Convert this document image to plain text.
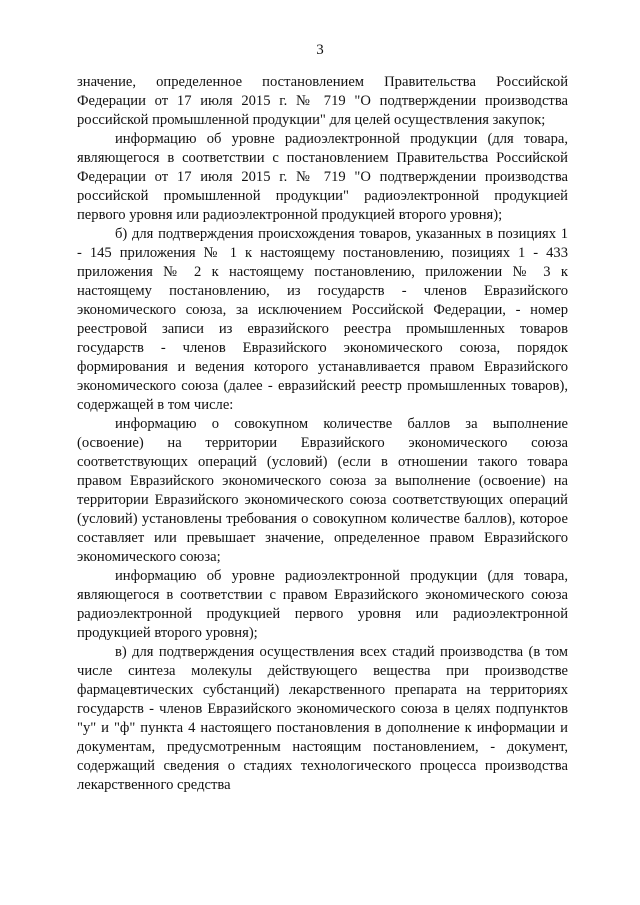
3

значение, определенное постановлением Правительства Российской Федерации от 17 июля 2015 г. № 719 "О подтверждении производства российской промышленной продукции" для целей осуществления закупок;

информацию об уровне радиоэлектронной продукции (для товара, являющегося в соответствии с постановлением Правительства Российской Федерации от 17 июля 2015 г. № 719 "О подтверждении производства российской промышленной продукции" радиоэлектронной продукцией первого уровня или радиоэлектронной продукцией второго уровня);

б) для подтверждения происхождения товаров, указанных в позициях 1 - 145 приложения № 1 к настоящему постановлению, позициях 1 - 433 приложения № 2 к настоящему постановлению, приложении № 3 к настоящему постановлению, из государств - членов Евразийского экономического союза, за исключением Российской Федерации, - номер реестровой записи из евразийского реестра промышленных товаров государств - членов Евразийского экономического союза, порядок формирования и ведения которого устанавливается правом Евразийского экономического союза (далее - евразийский реестр промышленных товаров), содержащей в том числе:

информацию о совокупном количестве баллов за выполнение (освоение) на территории Евразийского экономического союза соответствующих операций (условий) (если в отношении такого товара правом Евразийского экономического союза за выполнение (освоение) на территории Евразийского экономического союза соответствующих операций (условий) установлены требования о совокупном количестве баллов), которое составляет или превышает значение, определенное правом Евразийского экономического союза;

информацию об уровне радиоэлектронной продукции (для товара, являющегося в соответствии с правом Евразийского экономического союза радиоэлектронной продукцией первого уровня или радиоэлектронной продукцией второго уровня);

в) для подтверждения осуществления всех стадий производства (в том числе синтеза молекулы действующего вещества при производстве фармацевтических субстанций) лекарственного препарата на территориях государств - членов Евразийского экономического союза в целях подпунктов "у" и "ф" пункта 4 настоящего постановления в дополнение к информации и документам, предусмотренным настоящим постановлением, - документ, содержащий сведения о стадиях технологического процесса производства лекарственного средства
